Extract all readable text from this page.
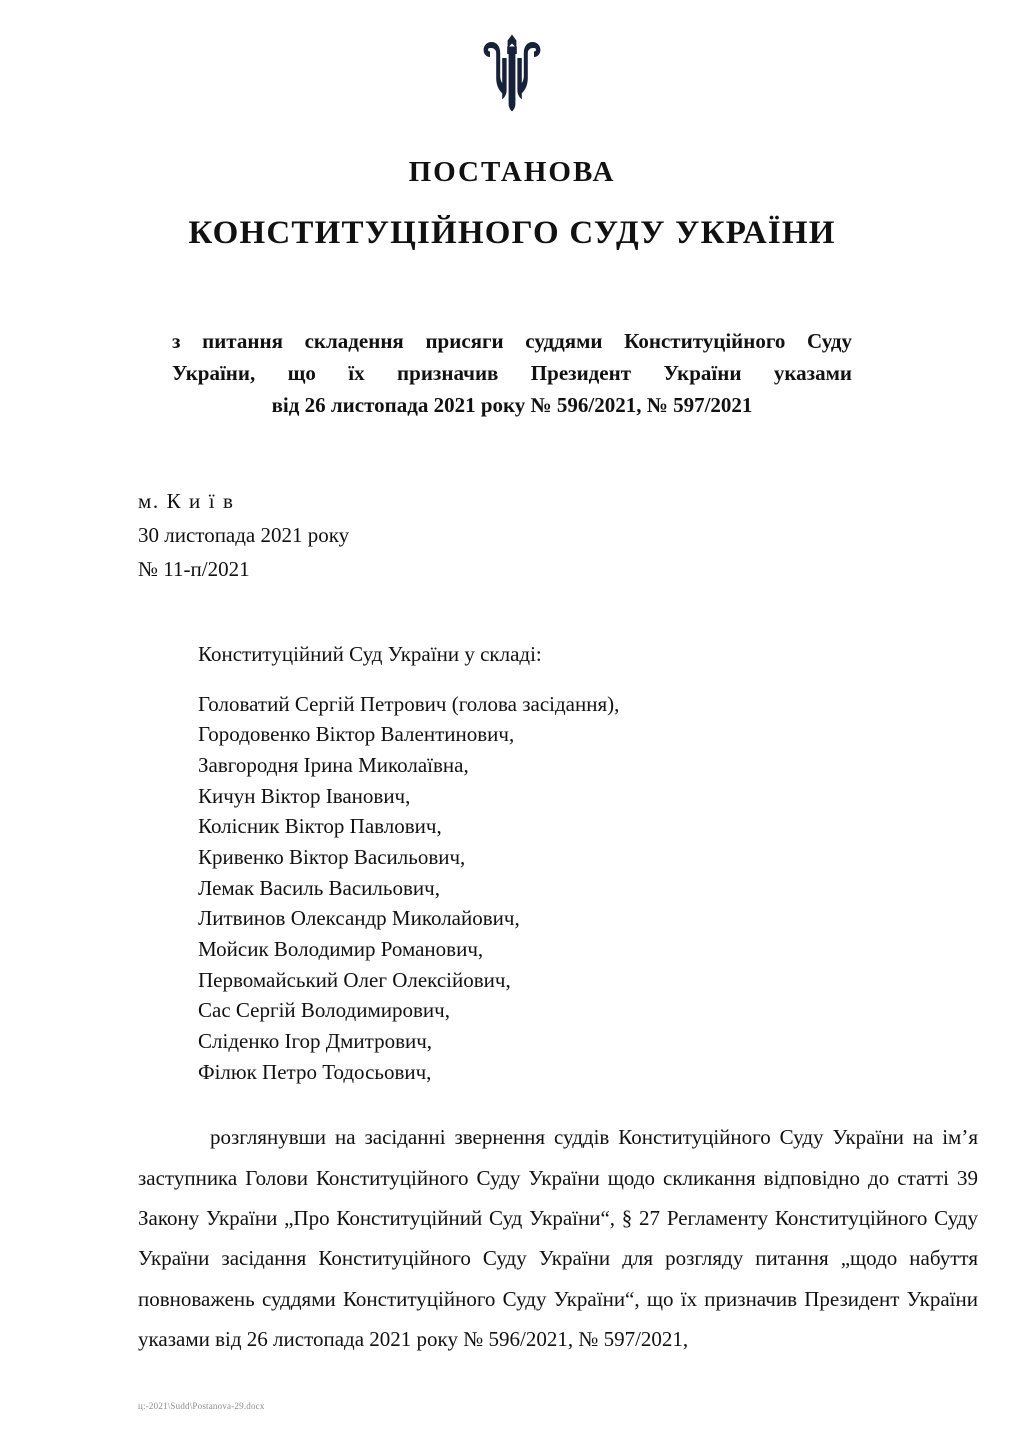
ПОСТАНОВА
КОНСТИТУЦІЙНОГО СУДУ УКРАЇНИ
з питання складення присяги суддями Конституційного Суду
України, що їх призначив Президент України указами
від 26 листопада 2021 року № 596/2021, № 597/2021
м. К и ї в
30 листопада 2021 року
№ 11-п/2021
Конституційний Суд України у складі:
Головатий Сергій Петрович (голова засідання),
Городовенко Віктор Валентинович,
Завгородня Ірина Миколаївна,
Кичун Віктор Іванович,
Колісник Віктор Павлович,
Кривенко Віктор Васильович,
Лемак Василь Васильович,
Литвинов Олександр Миколайович,
Мойсик Володимир Романович,
Первомайський Олег Олексійович,
Сас Сергій Володимирович,
Сліденко Ігор Дмитрович,
Філюк Петро Тодосьович,
розглянувши на засіданні звернення суддів Конституційного Суду України на ім’я заступника Голови Конституційного Суду України щодо скликання відповідно до статті 39 Закону України „Про Конституційний Суд України“, § 27 Регламенту Конституційного Суду України засідання Конституційного Суду України для розгляду питання „щодо набуття повноважень суддями Конституційного Суду України“, що їх призначив Президент України указами від 26 листопада 2021 року № 596/2021, № 597/2021,
ц:-2021\Sudd\Postanova-29.docx
